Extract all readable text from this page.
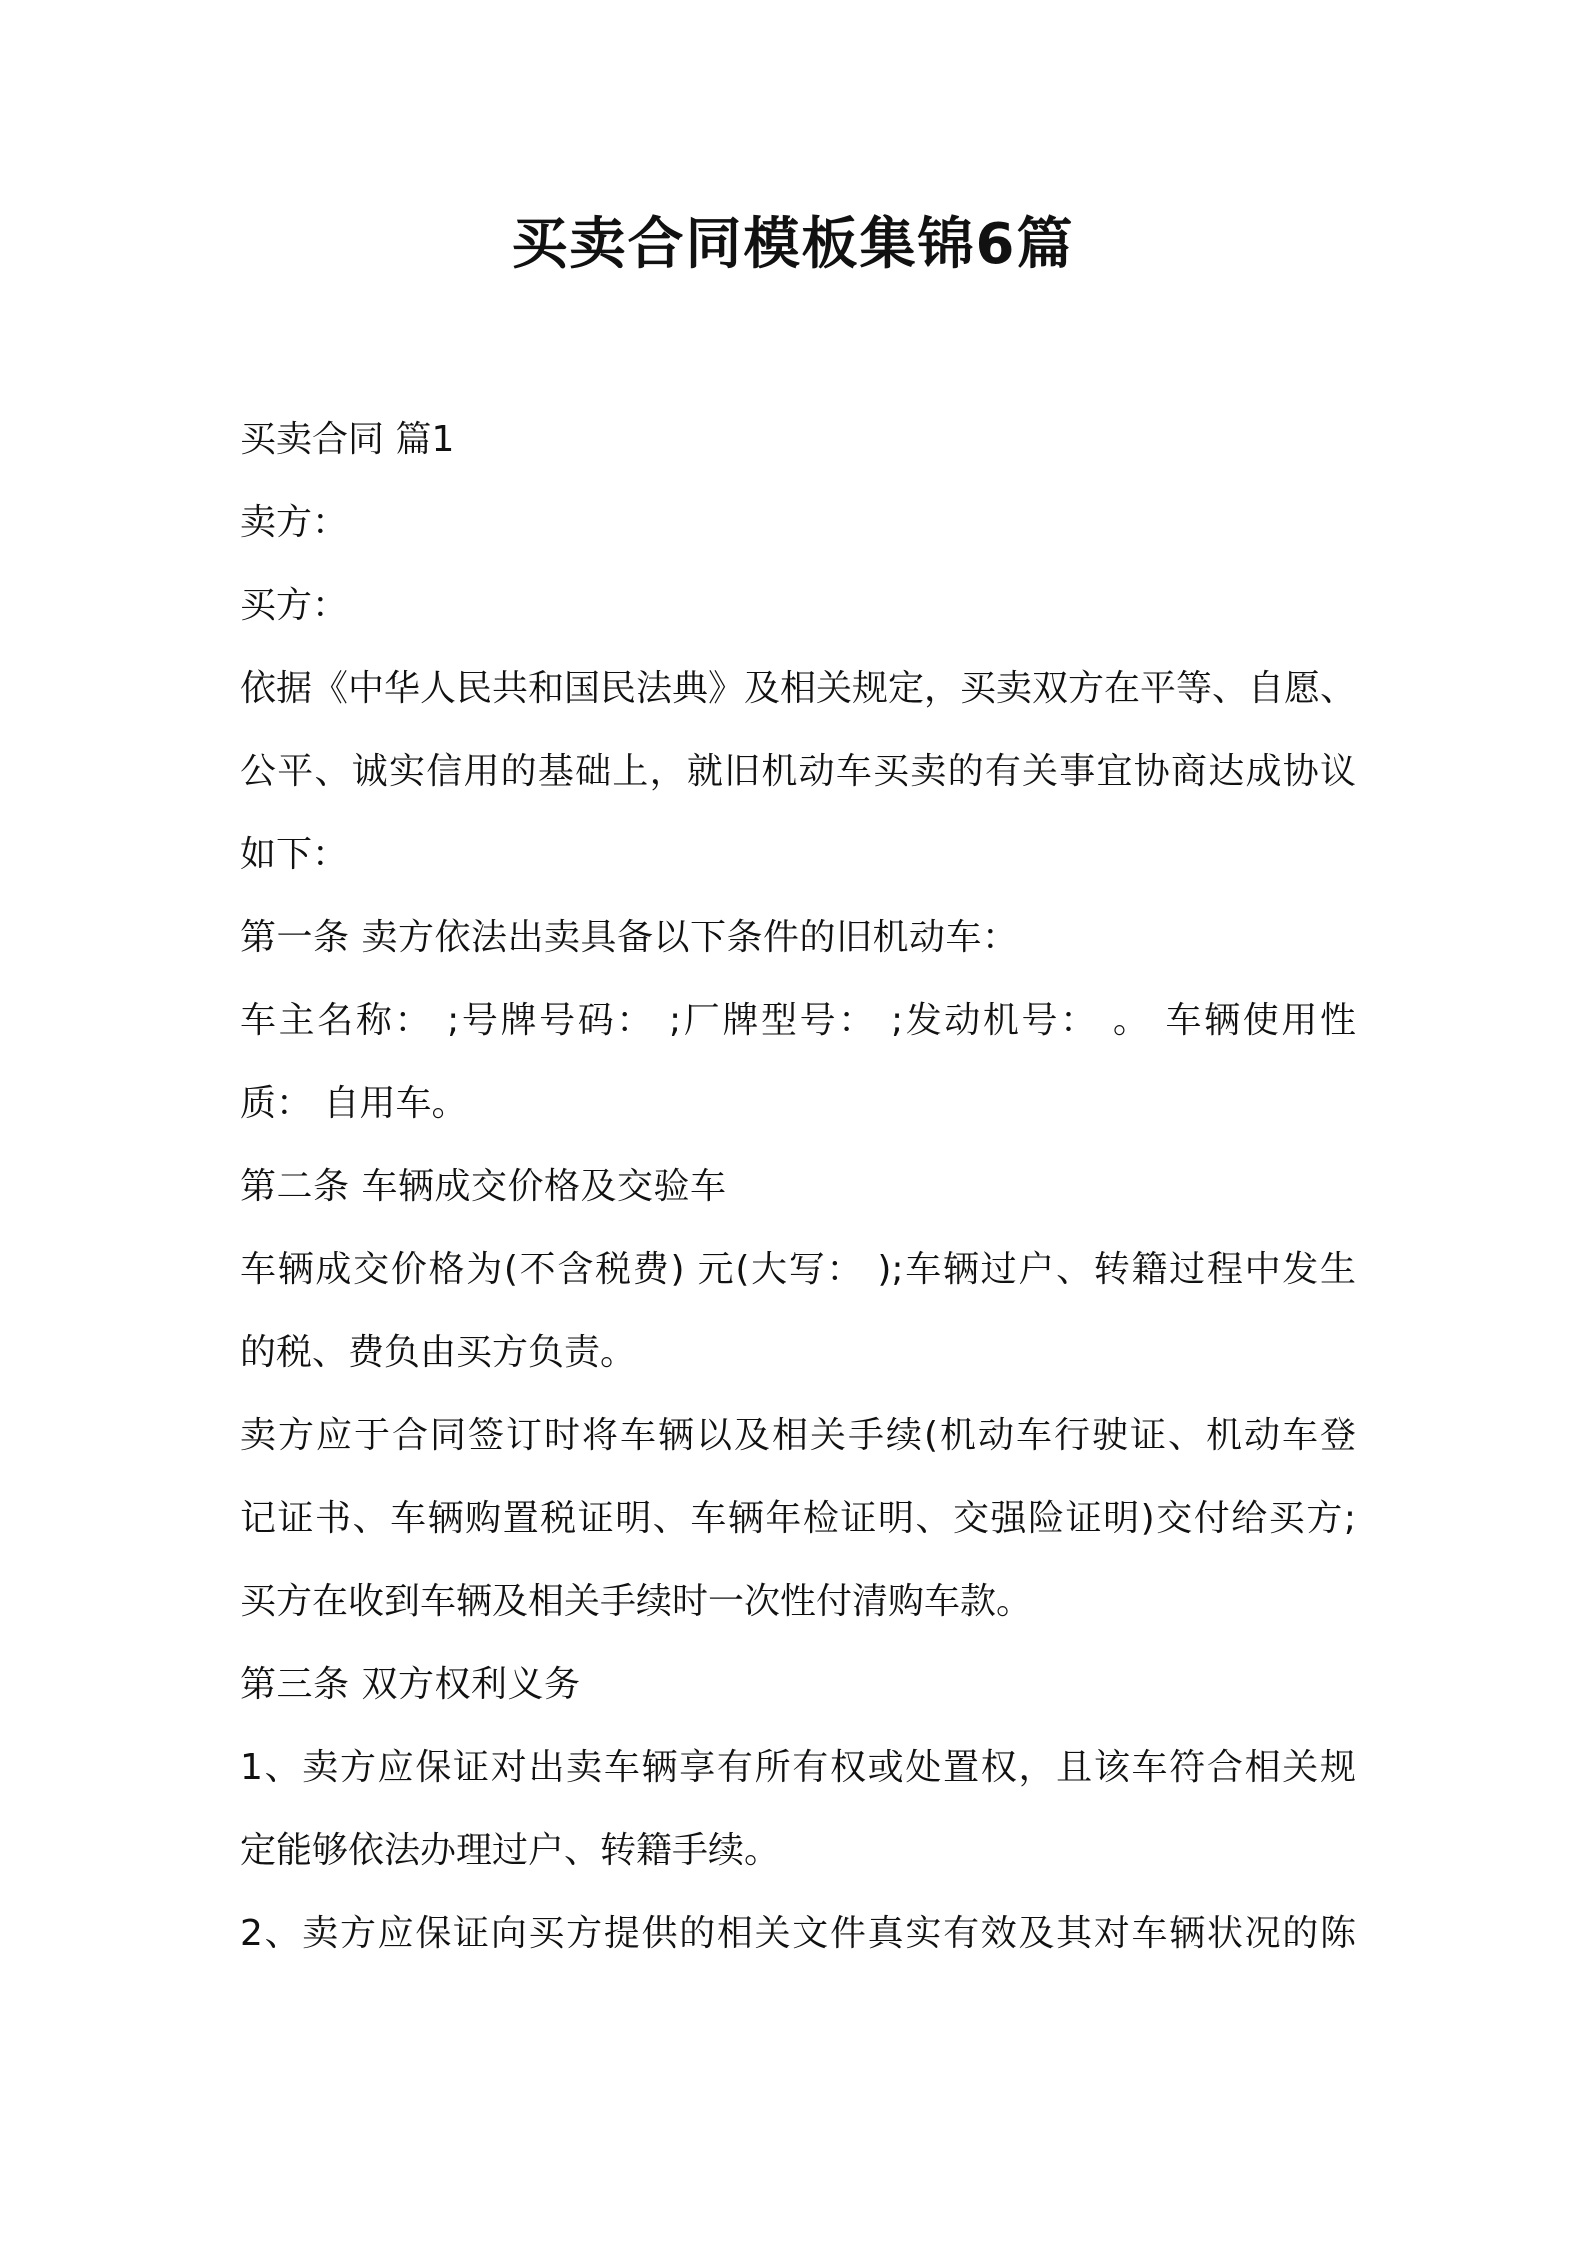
买卖合同模板集锦6篇

买卖合同 篇1

卖方：

买方：

依据《中华人民共和国民法典》及相关规定，买卖双方在平等、自愿、

公平、诚实信用的基础上，就旧机动车买卖的有关事宜协商达成协议

如下：

第一条 卖方依法出卖具备以下条件的旧机动车：

车主名称： ;号牌号码： ;厂牌型号： ;发动机号： 。 车辆使用性

质： 自用车。

第二条 车辆成交价格及交验车

车辆成交价格为(不含税费) 元(大写： );车辆过户、转籍过程中发生

的税、费负由买方负责。

卖方应于合同签订时将车辆以及相关手续(机动车行驶证、机动车登

记证书、车辆购置税证明、车辆年检证明、交强险证明)交付给买方;

买方在收到车辆及相关手续时一次性付清购车款。

第三条 双方权利义务

1、卖方应保证对出卖车辆享有所有权或处置权，且该车符合相关规

定能够依法办理过户、转籍手续。

2、卖方应保证向买方提供的相关文件真实有效及其对车辆状况的陈
